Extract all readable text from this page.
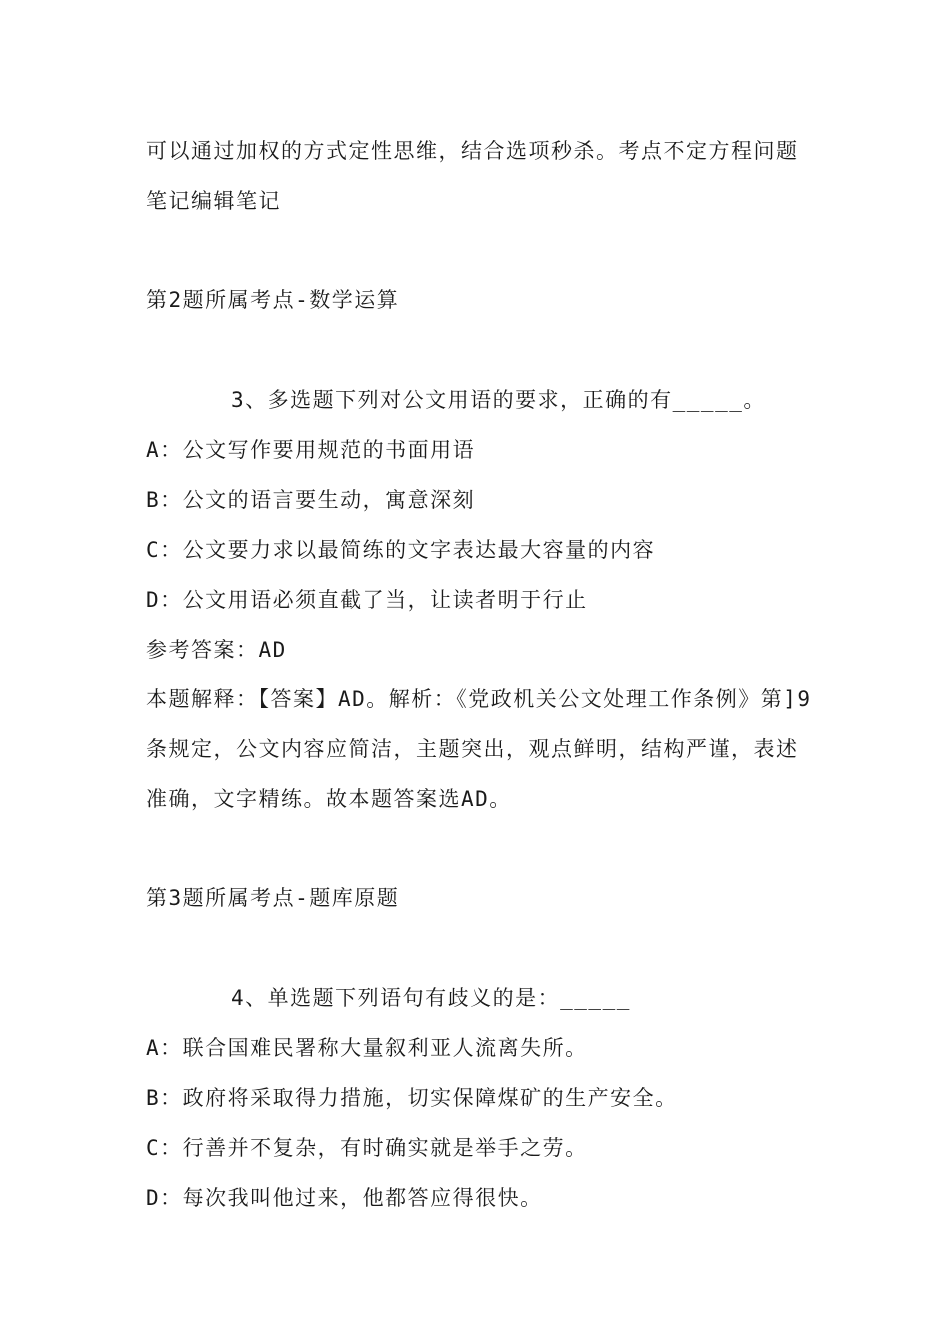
可以通过加权的方式定性思维，结合选项秒杀。考点不定方程问题
笔记编辑笔记
第2题所属考点-数学运算
3、多选题下列对公文用语的要求，正确的有_____。
A：公文写作要用规范的书面用语
B：公文的语言要生动，寓意深刻
C：公文要力求以最简练的文字表达最大容量的内容
D：公文用语必须直截了当，让读者明于行止
参考答案：AD
本题解释：【答案】AD。解析：《党政机关公文处理工作条例》第]9
条规定，公文内容应简洁，主题突出，观点鲜明，结构严谨，表述
准确，文字精练。故本题答案选AD。
第3题所属考点-题库原题
4、单选题下列语句有歧义的是：_____
A：联合国难民署称大量叙利亚人流离失所。
B：政府将采取得力措施，切实保障煤矿的生产安全。
C：行善并不复杂，有时确实就是举手之劳。
D：每次我叫他过来，他都答应得很快。
